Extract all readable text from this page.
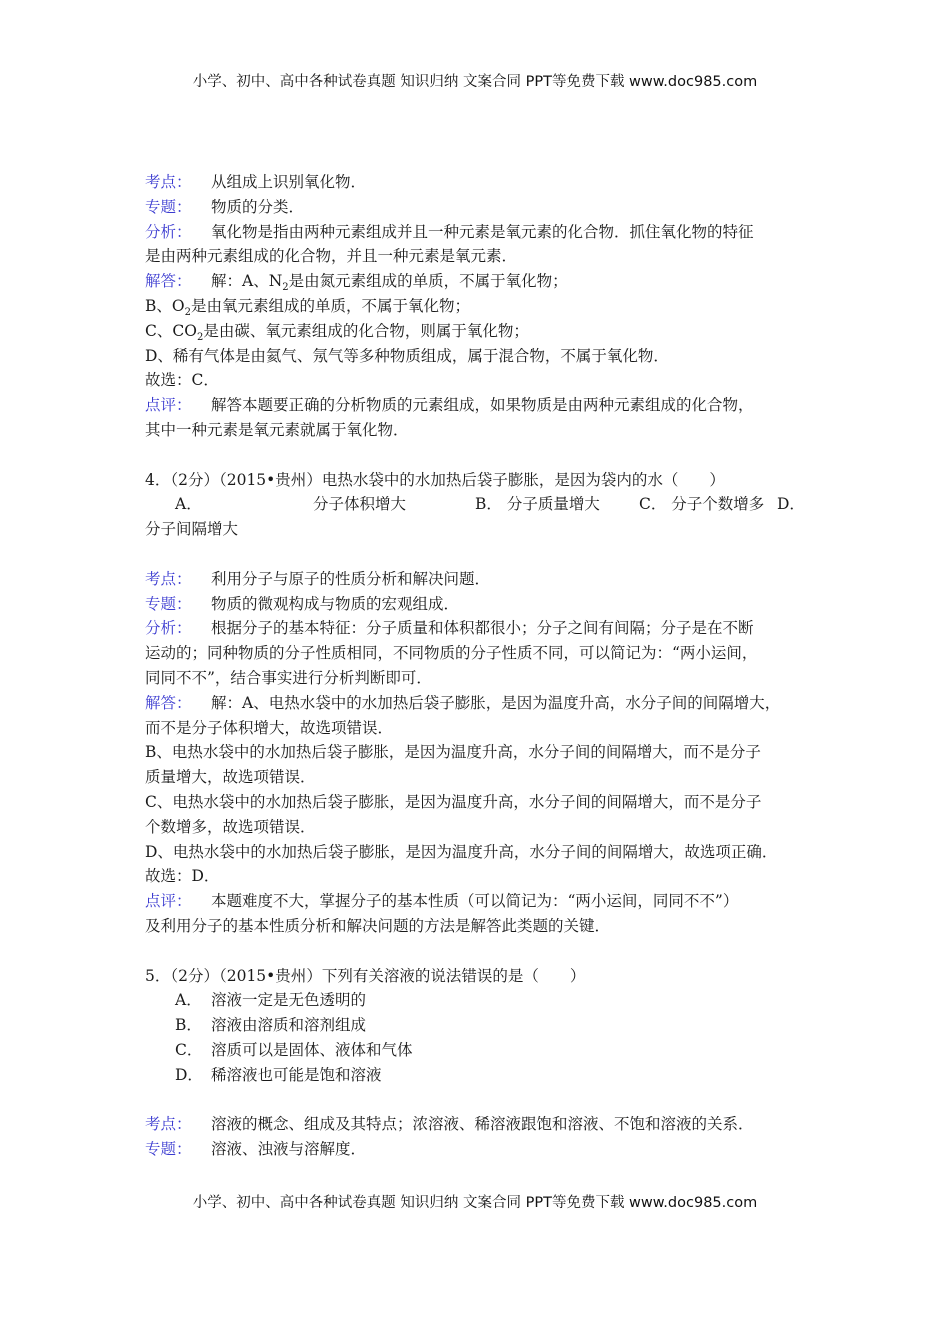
小学、初中、高中各种试卷真题 知识归纳 文案合同 PPT等免费下载 www.doc985.com
考点： 从组成上识别氧化物．
专题： 物质的分类．
分析： 氧化物是指由两种元素组成并且一种元素是氧元素的化合物．抓住氧化物的特征
是由两种元素组成的化合物，并且一种元素是氧元素．
解答： 解：A、$N_2$是由氮元素组成的单质，不属于氧化物；
B、$O_2$是由氧元素组成的单质，不属于氧化物；
C、$CO_2$是由碳、氧元素组成的化合物，则属于氧化物；
D、稀有气体是由氦气、氖气等多种物质组成，属于混合物，不属于氧化物．
故选：C．
点评： 解答本题要正确的分析物质的元素组成，如果物质是由两种元素组成的化合物，
其中一种元素是氧元素就属于氧化物．
4．（2分）（2015•贵州）电热水袋中的水加热后袋子膨胀，是因为袋内的水（　　）
A．	分子体积增大	B． 分子质量增大	C． 分子个数增多 D．
分子间隔增大
考点： 利用分子与原子的性质分析和解决问题．
专题： 物质的微观构成与物质的宏观组成．
分析： 根据分子的基本特征：分子质量和体积都很小；分子之间有间隔；分子是在不断
运动的；同种物质的分子性质相同，不同物质的分子性质不同，可以简记为：“两小运间，
同同不不”，结合事实进行分析判断即可．
解答： 解：A、电热水袋中的水加热后袋子膨胀，是因为温度升高，水分子间的间隔增大，
而不是分子体积增大，故选项错误．
B、电热水袋中的水加热后袋子膨胀，是因为温度升高，水分子间的间隔增大，而不是分子
质量增大，故选项错误．
C、电热水袋中的水加热后袋子膨胀，是因为温度升高，水分子间的间隔增大，而不是分子
个数增多，故选项错误．
D、电热水袋中的水加热后袋子膨胀，是因为温度升高，水分子间的间隔增大，故选项正确．
故选：D．
点评： 本题难度不大，掌握分子的基本性质（可以简记为：“两小运间，同同不不”）
及利用分子的基本性质分析和解决问题的方法是解答此类题的关键．
5．（2分）（2015•贵州）下列有关溶液的说法错误的是（　　）
A． 溶液一定是无色透明的
B． 溶液由溶质和溶剂组成
C． 溶质可以是固体、液体和气体
D． 稀溶液也可能是饱和溶液
考点： 溶液的概念、组成及其特点；浓溶液、稀溶液跟饱和溶液、不饱和溶液的关系．
专题： 溶液、浊液与溶解度．
小学、初中、高中各种试卷真题 知识归纳 文案合同 PPT等免费下载 www.doc985.com
